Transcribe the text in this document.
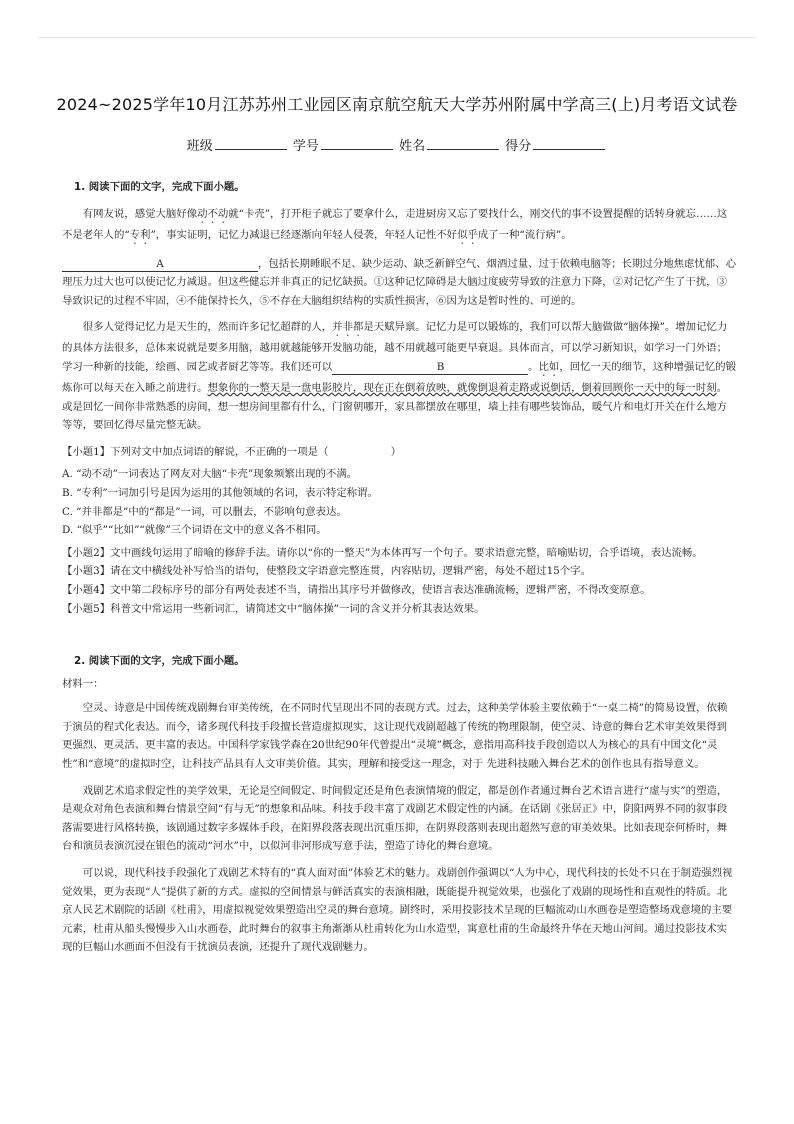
2024~2025学年10月江苏苏州工业园区南京航空航天大学苏州附属中学高三(上)月考语文试卷
班级	学号	姓名	得分

1. 阅读下面的文字，完成下面小题。

有网友说，感觉大脑好像动不动就“卡壳”，打开柜子就忘了要拿什么，走进厨房又忘了要找什么，刚交代的事不设置提醒的话转身就忘……这不是老年人的“专利”，事实证明，记忆力减退已经逐渐向年轻人侵袭，年轻人记性不好似乎成了一种“流行病”。

A	，包括长期睡眠不足、缺少运动、缺乏新鲜空气、烟酒过量、过于依赖电脑等；长期过分地焦虑忧郁、心理压力过大也可以使记忆力减退。但这些健忘并非真正的记忆缺损。①这种记忆障碍是大脑过度疲劳导致的注意力下降，②对记忆产生了干扰，③导致识记的过程不牢固，④不能保持长久，⑤不存在大脑组织结构的实质性损害，⑥因为这是暂时性的、可逆的。

很多人觉得记忆力是天生的，然而许多记忆超群的人，并非都是天赋异禀。记忆力是可以锻炼的，我们可以帮大脑做做“脑体操”。增加记忆力的具体方法很多，总体来说就是要多用脑，越用就越能够开发脑功能，越不用就越可能更早衰退。具体而言，可以学习新知识，如学习一门外语；学习一种新的技能，绘画、园艺或者厨艺等等。我们还可以	B	。比如，回忆一天的细节，这种增强记忆的锻炼你可以每天在入睡之前进行。想象你的一整天是一盘电影胶片，现在正在倒着放映，就像倒退着走路或说倒话，倒着回顾你一天中的每一时刻。或是回忆一间你非常熟悉的房间，想一想房间里都有什么，门窗朝哪开，家具都摆放在哪里，墙上挂有哪些装饰品，暖气片和电灯开关在什么地方等等，要回忆得尽量完整无缺。

【小题1】下列对文中加点词语的解说，不正确的一项是（　　　　　　）

A. “动不动”一词表达了网友对大脑“卡壳”现象频繁出现的不满。

B. “专利”一词加引号是因为运用的其他领域的名词，表示特定称谓。

C. “并非都是”中的“都是”一词，可以删去，不影响句意表达。

D. “似乎”“比如”“就像”三个词语在文中的意义各不相同。

【小题2】文中画线句运用了暗喻的修辞手法。请你以“你的一整天”为本体再写一个句子。要求语意完整，暗喻贴切，合乎语境，表达流畅。

【小题3】请在文中横线处补写恰当的语句，使整段文字语意完整连贯，内容贴切，逻辑严密，每处不超过15个字。

【小题4】文中第二段标序号的部分有两处表述不当，请指出其序号并做修改，使语言表达准确流畅，逻辑严密，不得改变原意。

【小题5】科普文中常运用一些新词汇，请简述文中“脑体操”一词的含义并分析其表达效果。

2. 阅读下面的文字，完成下面小题。

材料一：

空灵、诗意是中国传统戏剧舞台审美传统，在不同时代呈现出不同的表现方式。过去，这种美学体验主要依赖于“一桌二椅”的简易设置，依赖于演员的程式化表达。而今，诸多现代科技手段擅长营造虚拟现实，这让现代戏剧超越了传统的物理限制，使空灵、诗意的舞台艺术审美效果得到更强烈、更灵活、更丰富的表达。中国科学家钱学森在20世纪90年代曾提出“灵境”概念，意指用高科技手段创造以人为核心的具有中国文化“灵性”和“意境”的虚拟时空，让科技产品具有人文审美价值。其实，理解和接受这一理念，对于 先进科技融入舞台艺术的创作也具有指导意义。

戏剧艺术追求假定性的美学效果，无论是空间假定、时间假定还是角色表演情境的假定，都是创作者通过舞台艺术语言进行“虚与实”的塑造，是观众对角色表演和舞台情景空间“有与无”的想象和品味。科技手段丰富了戏剧艺术假定性的内涵。在话剧《张居正》中，阴阳两界不同的叙事段落需要进行风格转换，该剧通过数字多媒体手段，在阳界段落表现出沉重压抑，在阴界段落则表现出超然写意的审美效果。比如表现奈何桥时，舞台和演员表演沉浸在银色的流动“河水”中，以似河非河形成写意手法，塑造了诗化的舞台意境。

可以说，现代科技手段强化了戏剧艺术特有的“真人面对面”体验艺术的魅力。戏剧创作强调以“人为中心，现代科技的长处不只在于制造强烈视觉效果，更为表现“人”提供了新的方式。虚拟的空间情景与鲜活真实的表演相融，既能提升视觉效果，也强化了戏剧的现场性和直观性的特质。北京人民艺术剧院的话剧《杜甫》，用虚拟视觉效果塑造出空灵的舞台意境。剧终时，采用投影技术呈现的巨幅流动山水画卷是塑造整场戏意境的主要元素，杜甫从船头慢慢步入山水画卷，此时舞台的叙事主角渐渐从杜甫转化为山水造型，寓意杜甫的生命最终升华在天地山河间。通过投影技术实现的巨幅山水画面不但没有干扰演员表演，还提升了现代戏剧魅力。
